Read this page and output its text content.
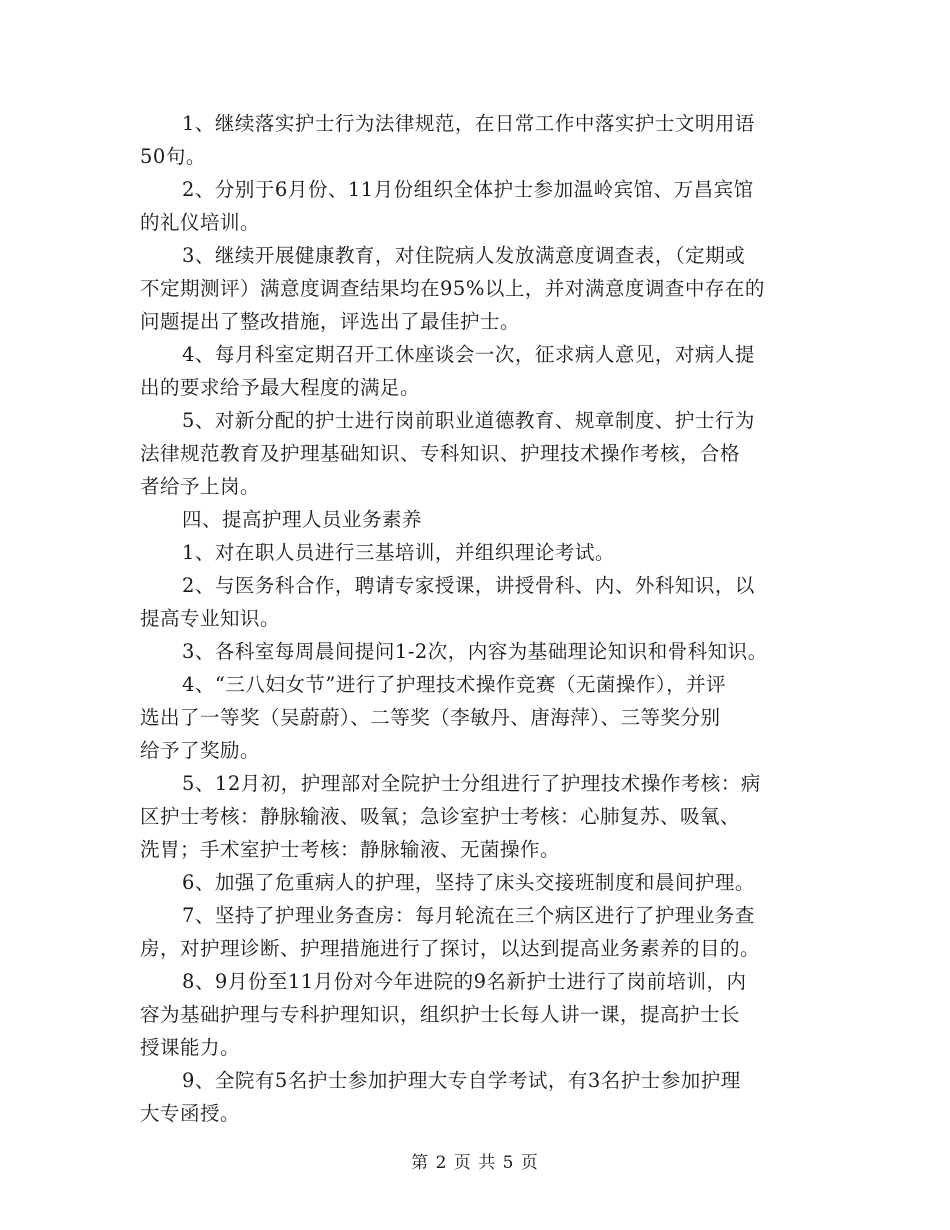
1、继续落实护士行为法律规范，在日常工作中落实护士文明用语
50句。
2、分别于6月份、11月份组织全体护士参加温岭宾馆、万昌宾馆
的礼仪培训。
3、继续开展健康教育，对住院病人发放满意度调查表，（定期或
不定期测评）满意度调查结果均在95%以上，并对满意度调查中存在的
问题提出了整改措施，评选出了最佳护士。
4、每月科室定期召开工休座谈会一次，征求病人意见，对病人提
出的要求给予最大程度的满足。
5、对新分配的护士进行岗前职业道德教育、规章制度、护士行为
法律规范教育及护理基础知识、专科知识、护理技术操作考核，合格
者给予上岗。
四、提高护理人员业务素养
1、对在职人员进行三基培训，并组织理论考试。
2、与医务科合作，聘请专家授课，讲授骨科、内、外科知识，以
提高专业知识。
3、各科室每周晨间提问1-2次，内容为基础理论知识和骨科知识。
4、“三八妇女节”进行了护理技术操作竞赛（无菌操作），并评
选出了一等奖（吴蔚蔚）、二等奖（李敏丹、唐海萍）、三等奖分别
给予了奖励。
5、12月初，护理部对全院护士分组进行了护理技术操作考核：病
区护士考核：静脉输液、吸氧；急诊室护士考核：心肺复苏、吸氧、
洗胃；手术室护士考核：静脉输液、无菌操作。
6、加强了危重病人的护理，坚持了床头交接班制度和晨间护理。
7、坚持了护理业务查房：每月轮流在三个病区进行了护理业务查
房，对护理诊断、护理措施进行了探讨，以达到提高业务素养的目的。
8、9月份至11月份对今年进院的9名新护士进行了岗前培训，内
容为基础护理与专科护理知识，组织护士长每人讲一课，提高护士长
授课能力。
9、全院有5名护士参加护理大专自学考试，有3名护士参加护理
大专函授。
第 2 页 共 5 页
